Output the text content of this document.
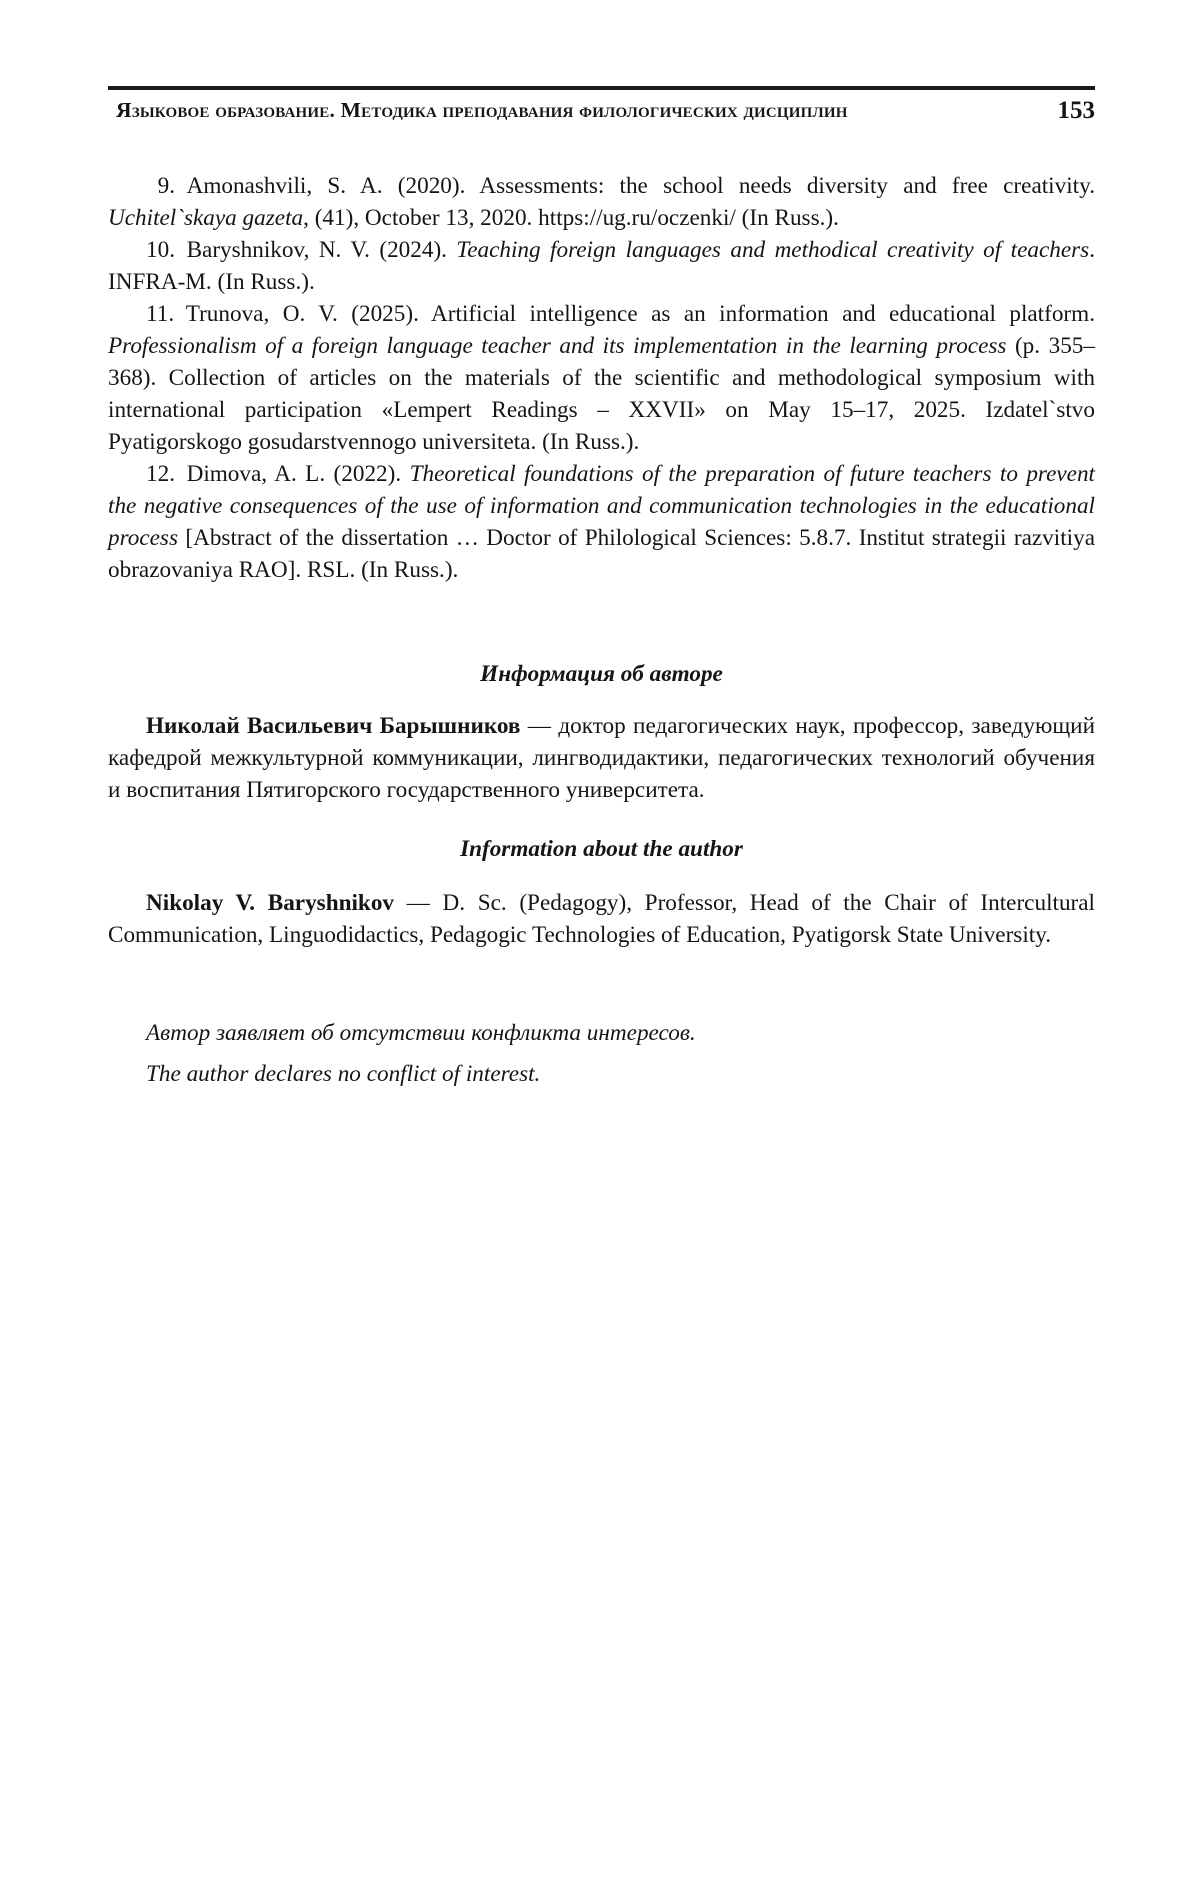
Языковое образование. Методика преподавания филологических дисциплин	153

 9. Amonashvili, S. A. (2020). Assessments: the school needs diversity and free creativity. Uchitel`skaya gazeta, (41), October 13, 2020. https://ug.ru/oczenki/ (In Russ.).

10. Baryshnikov, N. V. (2024). Teaching foreign languages and methodical creativity of teachers. INFRA-M. (In Russ.).

11. Trunova, O. V. (2025). Artificial intelligence as an information and educational platform. Professionalism of a foreign language teacher and its implementation in the learning process (p. 355–368). Collection of articles on the materials of the scientific and methodological symposium with international participation «Lempert Readings – XXVII» on May 15–17, 2025. Izdatel`stvo Pyatigorskogo gosudarstvennogo universiteta. (In Russ.).

12. Dimova, A. L. (2022). Theoretical foundations of the preparation of future teachers to prevent the negative consequences of the use of information and communication technologies in the educational process [Abstract of the dissertation … Doctor of Philological Sciences: 5.8.7. Institut strategii razvitiya obrazovaniya RAO]. RSL. (In Russ.).

Информация об авторе

Николай Васильевич Барышников — доктор педагогических наук, профессор, заведующий кафедрой межкультурной коммуникации, лингводидактики, педагогических технологий обучения и воспитания Пятигорского государственного университета.

Information about the author

Nikolay V. Baryshnikov — D. Sc. (Pedagogy), Professor, Head of the Chair of Intercultural Communication, Linguodidactics, Pedagogic Technologies of Education, Pyatigorsk State University.

Автор заявляет об отсутствии конфликта интересов.

The author declares no conflict of interest.
